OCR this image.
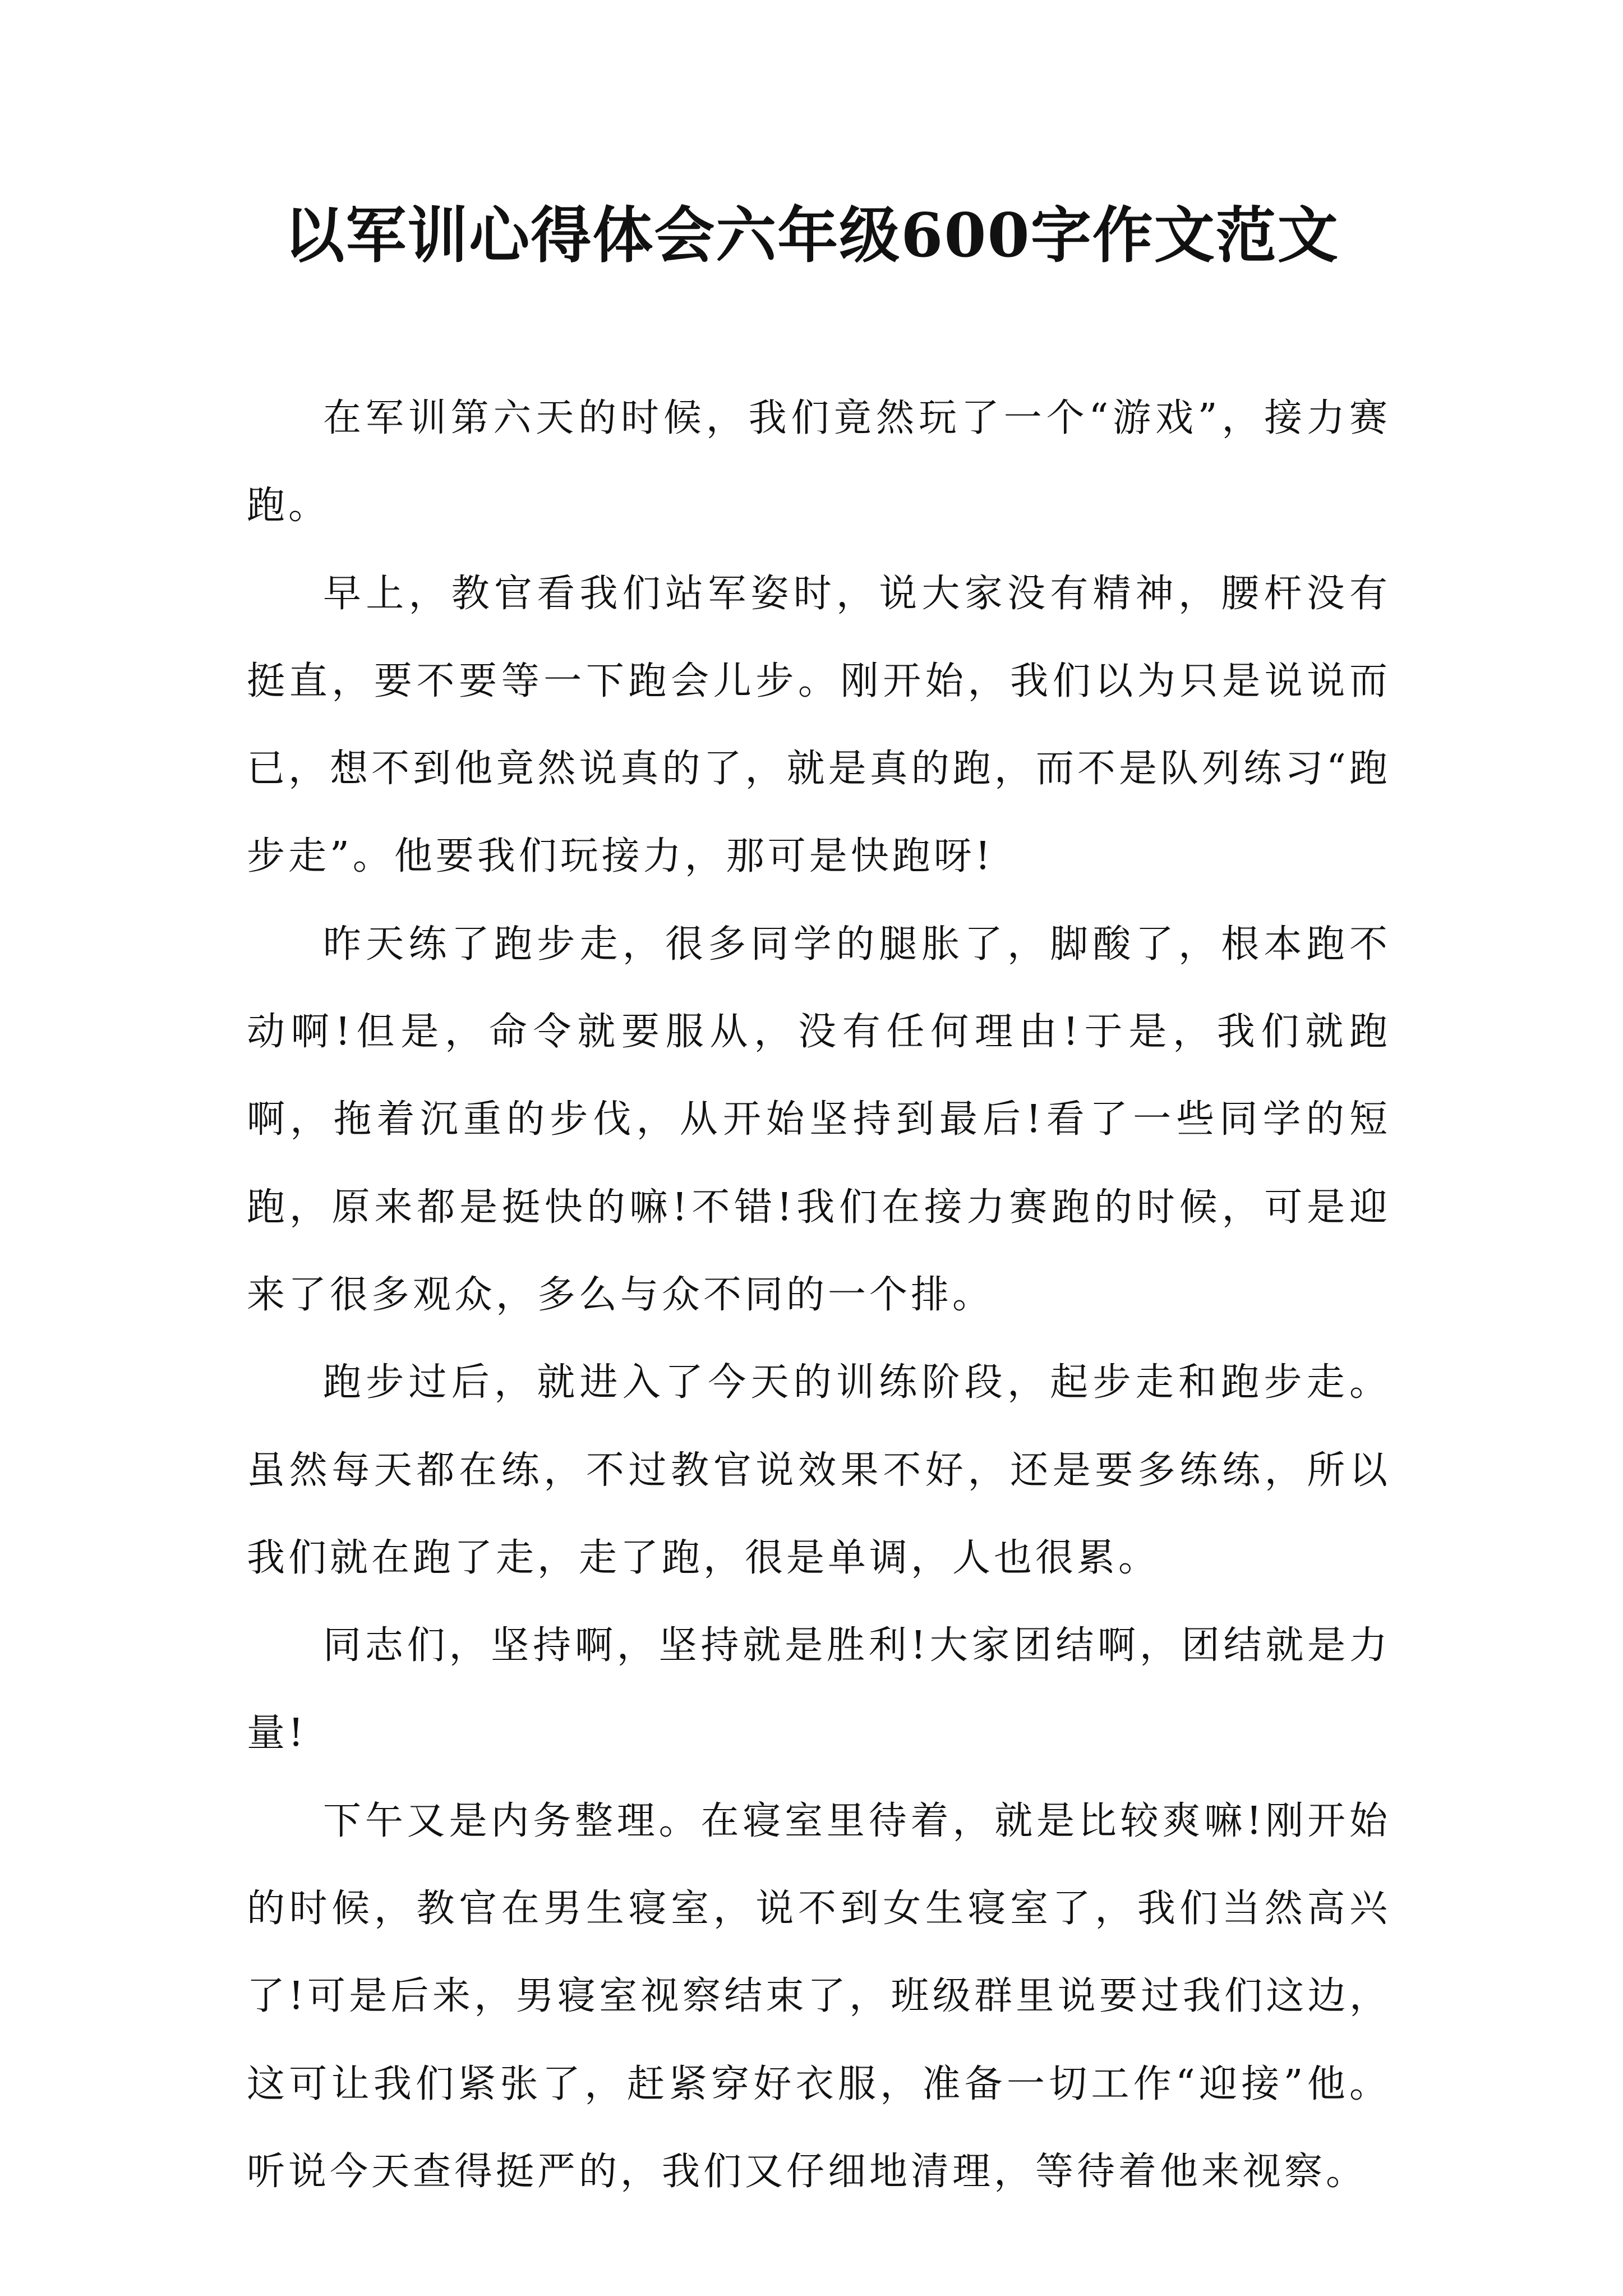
以军训心得体会六年级600字作文范文

在军训第六天的时候，我们竟然玩了一个“游戏”，接力赛跑。

早上，教官看我们站军姿时，说大家没有精神，腰杆没有挺直，要不要等一下跑会儿步。刚开始，我们以为只是说说而已，想不到他竟然说真的了，就是真的跑，而不是队列练习“跑步走”。他要我们玩接力，那可是快跑呀!

昨天练了跑步走，很多同学的腿胀了，脚酸了，根本跑不动啊!但是，命令就要服从，没有任何理由!于是，我们就跑啊，拖着沉重的步伐，从开始坚持到最后!看了一些同学的短跑，原来都是挺快的嘛!不错!我们在接力赛跑的时候，可是迎来了很多观众，多么与众不同的一个排。

跑步过后，就进入了今天的训练阶段，起步走和跑步走。虽然每天都在练，不过教官说效果不好，还是要多练练，所以我们就在跑了走，走了跑，很是单调，人也很累。

同志们，坚持啊，坚持就是胜利!大家团结啊，团结就是力量!

下午又是内务整理。在寝室里待着，就是比较爽嘛!刚开始的时候，教官在男生寝室，说不到女生寝室了，我们当然高兴了!可是后来，男寝室视察结束了，班级群里说要过我们这边，这可让我们紧张了，赶紧穿好衣服，准备一切工作“迎接”他。听说今天查得挺严的，我们又仔细地清理，等待着他来视察。
